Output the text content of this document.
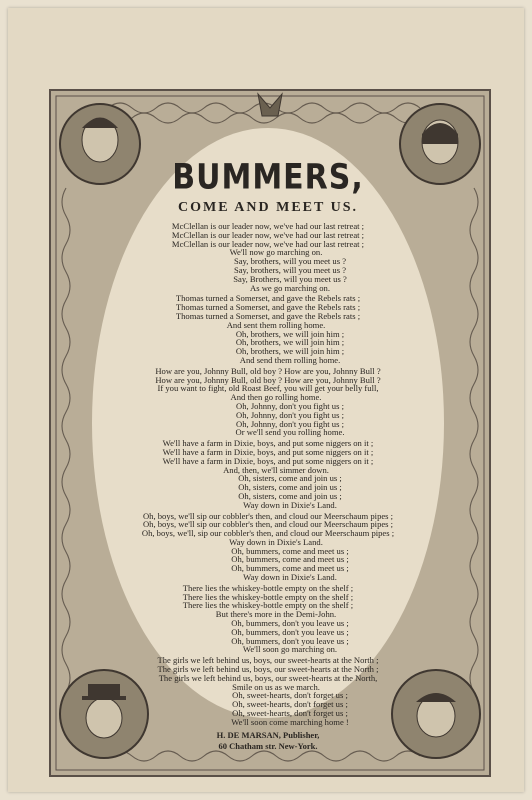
BUMMERS,
COME AND MEET US.
McClellan is our leader now, we've had our last retreat ;
McClellan is our leader now, we've had our last retreat ;
McClellan is our leader now, we've had our last retreat ;
We'll now go marching on.
Say, brothers, will you meet us ?
Say, brothers, will you meet us ?
Say, Brothers, will you meet us ?
As we go marching on.
Thomas turned a Somerset, and gave the Rebels rats ;
Thomas turned a Somerset, and gave the Rebels rats ;
Thomas turned a Somerset, and gave the Rebels rats ;
And sent them rolling home.
Oh, brothers, we will join him ;
Oh, brothers, we will join him ;
Oh, brothers, we will join him ;
And send them rolling home.
How are you, Johnny Bull, old boy ? How are you, Johnny Bull ?
How are you, Johnny Bull, old boy ? How are you, Johnny Bull ?
If you want to fight, old Roast Beef, you will get your belly full,
And then go rolling home.
Oh, Johnny, don't you fight us ;
Oh, Johnny, don't you fight us ;
Oh, Johnny, don't you fight us ;
Or we'll send you rolling home.
We'll have a farm in Dixie, boys, and put some niggers on it ;
We'll have a farm in Dixie, boys, and put some niggers on it ;
We'll have a farm in Dixie, boys, and put some niggers on it ;
And, then, we'll simmer down.
Oh, sisters, come and join us ;
Oh, sisters, come and join us ;
Oh, sisters, come and join us ;
Way down in Dixie's Land.
Oh, boys, we'll sip our cobbler's then, and cloud our Meerschaum pipes ;
Oh, boys, we'll sip our cobbler's then, and cloud our Meerschaum pipes ;
Oh, boys, we'll, sip our cobbler's then, and cloud our Meerschaum pipes ;
Way down in Dixie's Land.
Oh, bummers, come and meet us ;
Oh, bummers, come and meet us ;
Oh, bummers, come and meet us ;
Way down in Dixie's Land.
There lies the whiskey-bottle empty on the shelf ;
There lies the whiskey-bottle empty on the shelf ;
There lies the whiskey-bottle empty on the shelf ;
But there's more in the Demi-John.
Oh, bummers, don't you leave us ;
Oh, bummers, don't you leave us ;
Oh, bummers, don't you leave us ;
We'll soon go marching on.
The girls we left behind us, boys, our sweet-hearts at the North ;
The girls we left behind us, boys, our sweet-hearts at the North ;
The girls we left behind us, boys, our sweet-hearts at the North,
Smile on us as we march.
Oh, sweet-hearts, don't forget us ;
Oh, sweet-hearts, don't forget us ;
Oh, sweet-hearts, don't forget us ;
We'll soon come marching home !
H. DE MARSAN, Publisher,
60 Chatham str. New-York.
